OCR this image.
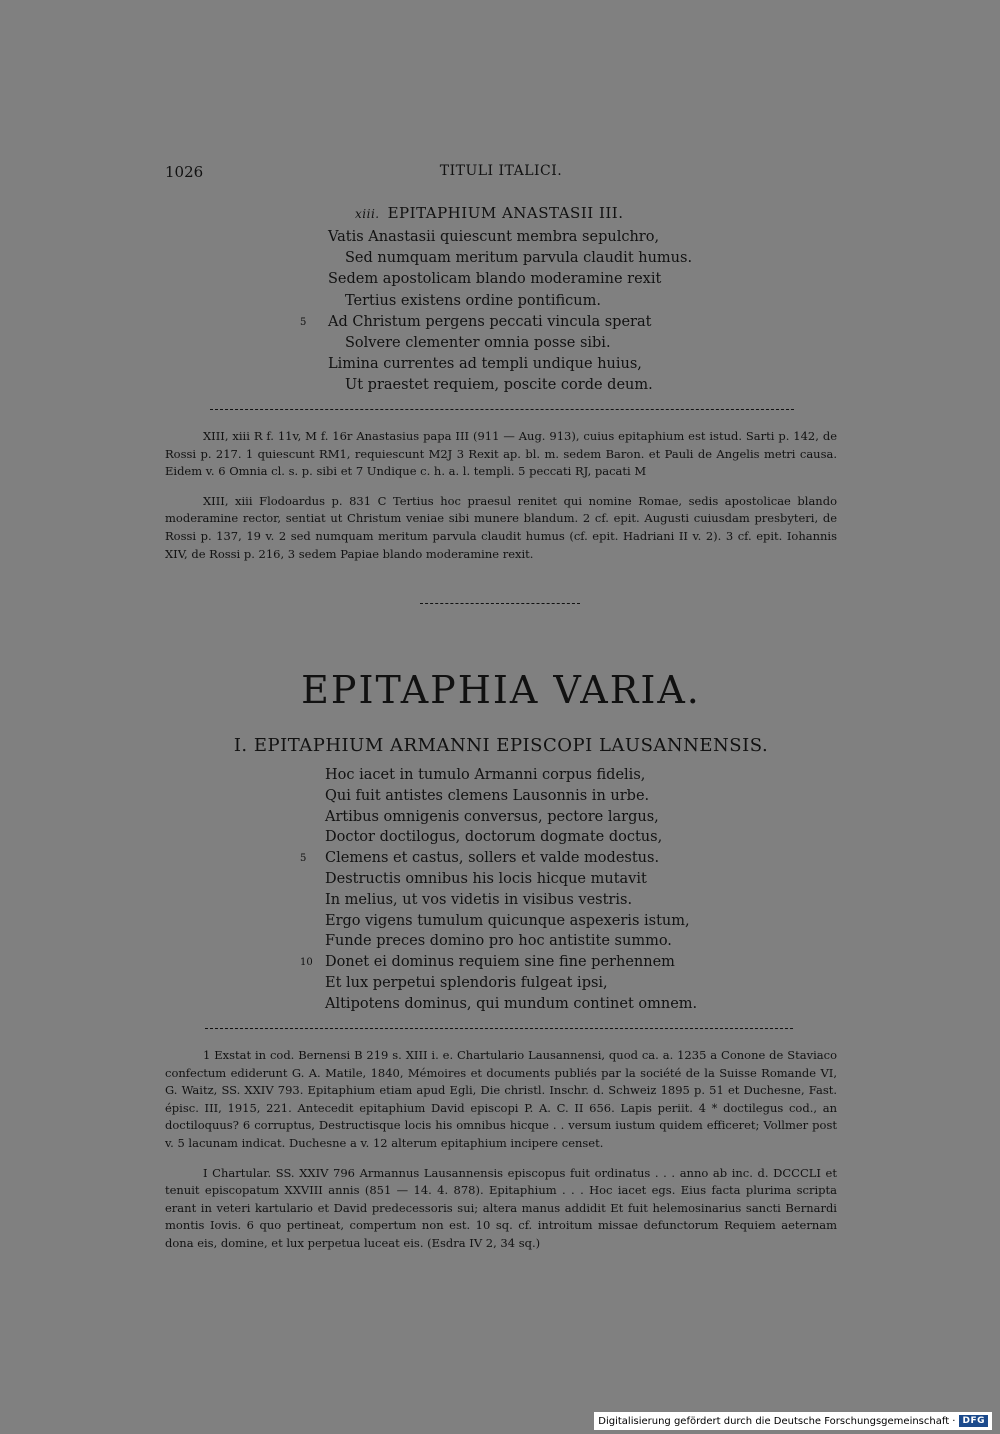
1026	TITULI ITALICI.
xiii. EPITAPHIUM ANASTASII III.
Vatis Anastasii quiescunt membra sepulchro,
Sed numquam meritum parvula claudit humus.
Sedem apostolicam blando moderamine rexit
Tertius existens ordine pontificum.
5 Ad Christum pergens peccati vincula sperat
Solvere clementer omnia posse sibi.
Limina currentes ad templi undique huius,
Ut praestet requiem, poscite corde deum.

XIII, xiii R f. 11v, M f. 16r Anastasius papa III (911 — Aug. 913), cuius epitaphium est istud. Sarti p. 142, de Rossi p. 217. 1 quiescunt RM1, requiescunt M2J 3 Rexit ap. bl. m. sedem Baron. et Pauli de Angelis metri causa. Eidem v. 6 Omnia cl. s. p. sibi et 7 Undique c. h. a. l. templi. 5 peccati RJ, pacati M

XIII, xiii Flodoardus p. 831 C Tertius hoc praesul renitet qui nomine Romae, sedis apostolicae blando moderamine rector, sentiat ut Christum veniae sibi munere blandum. 2 cf. epit. Augusti cuiusdam presbyteri, de Rossi p. 137, 19 v. 2 sed numquam meritum parvula claudit humus (cf. epit. Hadriani II v. 2). 3 cf. epit. Iohannis XIV, de Rossi p. 216, 3 sedem Papiae blando moderamine rexit.

EPITAPHIA VARIA.
I. EPITAPHIUM ARMANNI EPISCOPI LAUSANNENSIS.
Hoc iacet in tumulo Armanni corpus fidelis,
Qui fuit antistes clemens Lausonnis in urbe.
Artibus omnigenis conversus, pectore largus,
Doctor doctilogus, doctorum dogmate doctus,
5 Clemens et castus, sollers et valde modestus.
Destructis omnibus his locis hicque mutavit
In melius, ut vos videtis in visibus vestris.
Ergo vigens tumulum quicunque aspexeris istum,
Funde preces domino pro hoc antistite summo.
10 Donet ei dominus requiem sine fine perhennem
Et lux perpetui splendoris fulgeat ipsi,
Altipotens dominus, qui mundum continet omnem.

1 Exstat in cod. Bernensi B 219 s. XIII i. e. Chartulario Lausannensi, quod ca. a. 1235 a Conone de Staviaco confectum ediderunt G. A. Matile, 1840, Mémoires et documents publiés par la société de la Suisse Romande VI, G. Waitz, SS. XXIV 793. Epitaphium etiam apud Egli, Die christl. Inschr. d. Schweiz 1895 p. 51 et Duchesne, Fast. épisc. III, 1915, 221. Antecedit epitaphium David episcopi P. A. C. II 656. Lapis periit. 4 * doctilegus cod., an doctiloquus? 6 corruptus, Destructisque locis his omnibus hicque . . versum iustum quidem efficeret; Vollmer post v. 5 lacunam indicat. Duchesne a v. 12 alterum epitaphium incipere censet.

I Chartular. SS. XXIV 796 Armannus Lausannensis episcopus fuit ordinatus . . . anno ab inc. d. DCCCLI et tenuit episcopatum XXVIII annis (851 — 14. 4. 878). Epitaphium . . . Hoc iacet egs. Eius facta plurima scripta erant in veteri kartulario et David predecessoris sui; altera manus addidit Et fuit helemosinarius sancti Bernardi montis Iovis. 6 quo pertineat, compertum non est. 10 sq. cf. introitum missae defunctorum Requiem aeternam dona eis, domine, et lux perpetua luceat eis. (Esdra IV 2, 34 sq.)

Digitalisierung gefördert durch die Deutsche Forschungsgemeinschaft · DFG
